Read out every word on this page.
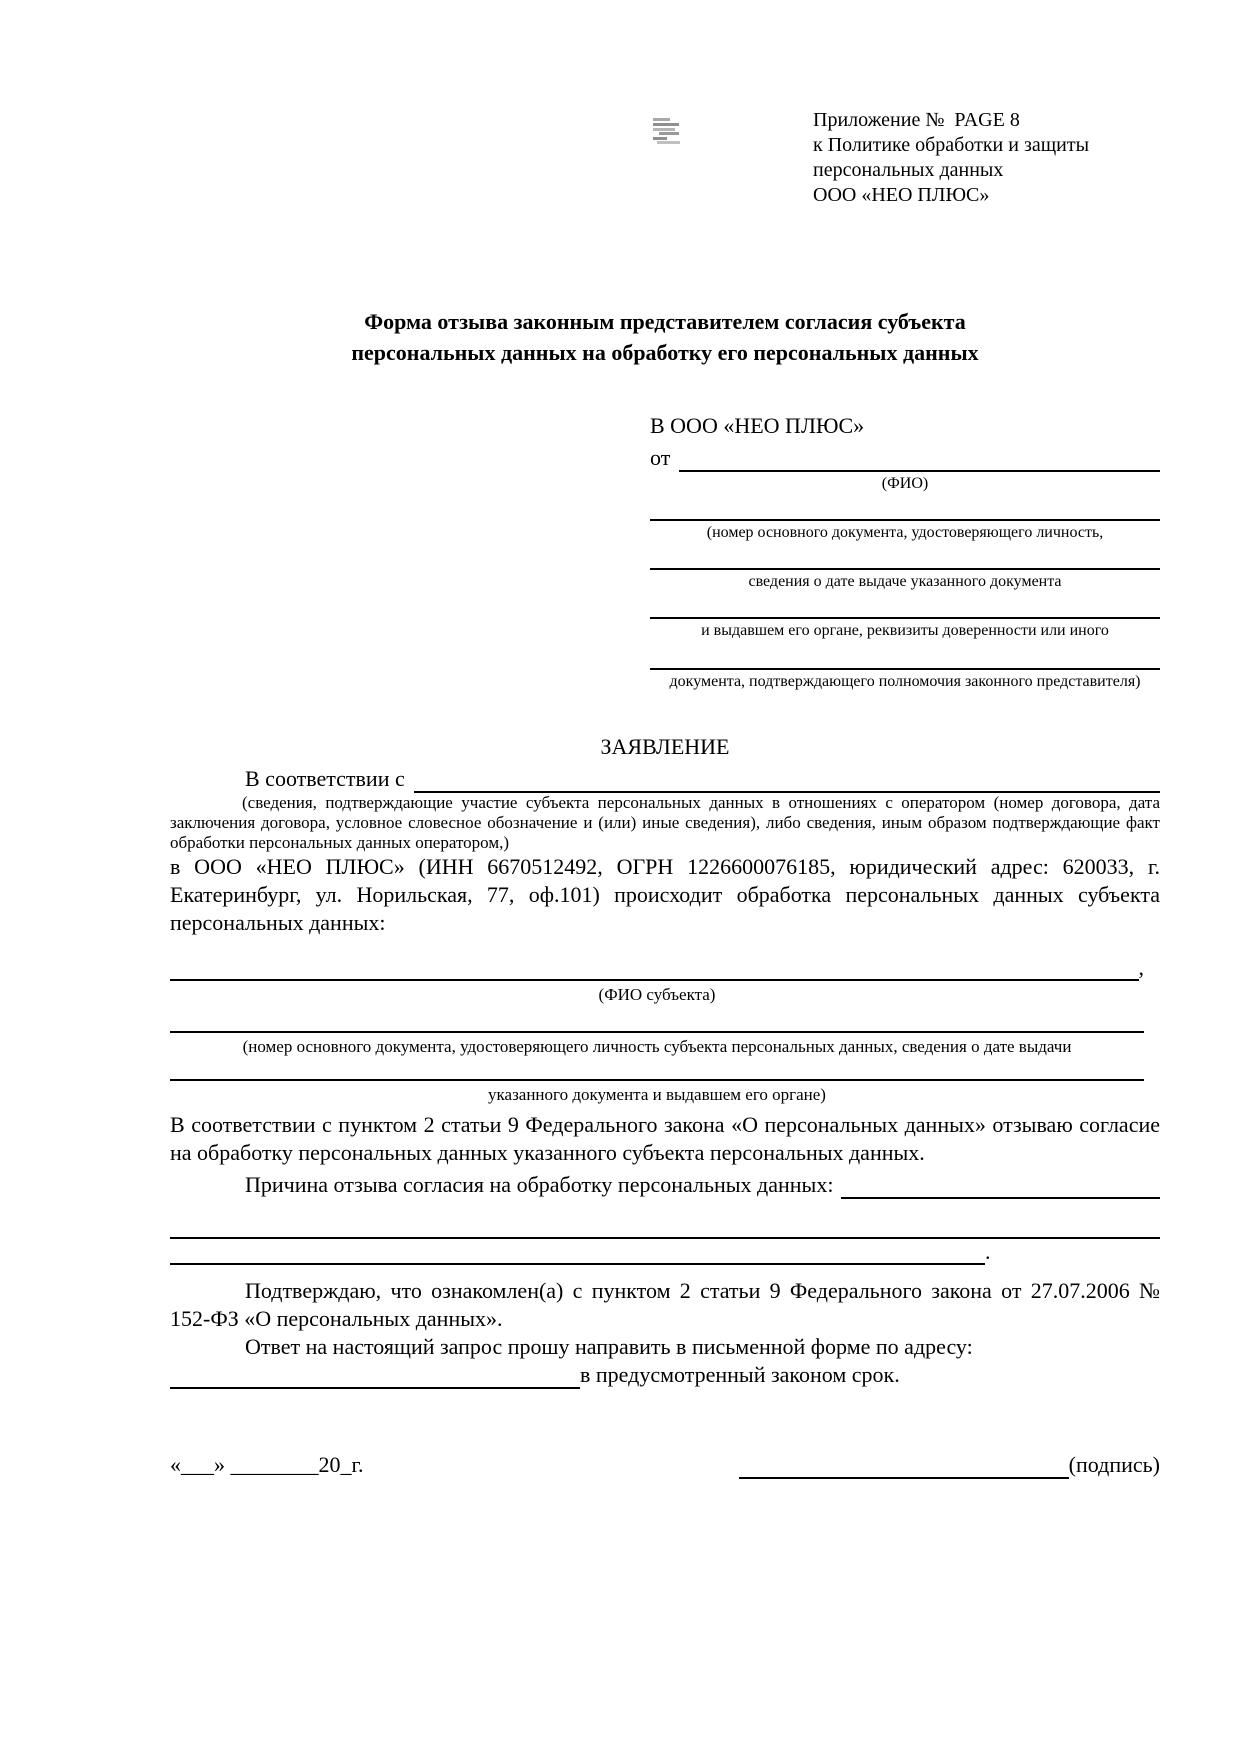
Приложение №  PAGE 8
к Политике обработки и защиты
персональных данных
ООО «НЕО ПЛЮС»
Форма отзыва законным представителем согласия субъекта
персональных данных на обработку его персональных данных
В ООО «НЕО ПЛЮС»
от
(ФИО)
(номер основного документа, удостоверяющего личность,
сведения о дате выдаче указанного документа
и выдавшем его органе, реквизиты доверенности или иного
документа, подтверждающего полномочия законного представителя)
ЗАЯВЛЕНИЕ
В соответствии с

(сведения, подтверждающие участие субъекта персональных данных в отношениях с оператором (номер договора, дата заключения договора, условное словесное обозначение и (или) иные сведения), либо сведения, иным образом подтверждающие факт обработки персональных данных оператором,)

в ООО «НЕО ПЛЮС» (ИНН 6670512492, ОГРН 1226600076185, юридический адрес: 620033, г. Екатеринбург, ул. Норильская, 77, оф.101) происходит обработка персональных данных субъекта персональных данных:

,
(ФИО субъекта)
(номер основного документа, удостоверяющего личность субъекта персональных данных, сведения о дате выдачи
указанного документа и выдавшем его органе)

В соответствии с пунктом 2 статьи 9 Федерального закона «О персональных данных» отзываю согласие на обработку персональных данных указанного субъекта персональных данных.

Причина отзыва согласия на обработку персональных данных:
.

Подтверждаю, что ознакомлен(а) с пунктом 2 статьи 9 Федерального закона от 27.07.2006 № 152-ФЗ «О персональных данных».

Ответ на настоящий запрос прошу направить в письменной форме по адресу:

в предусмотренный законом срок.
«___» ________20_г.	(подпись)
